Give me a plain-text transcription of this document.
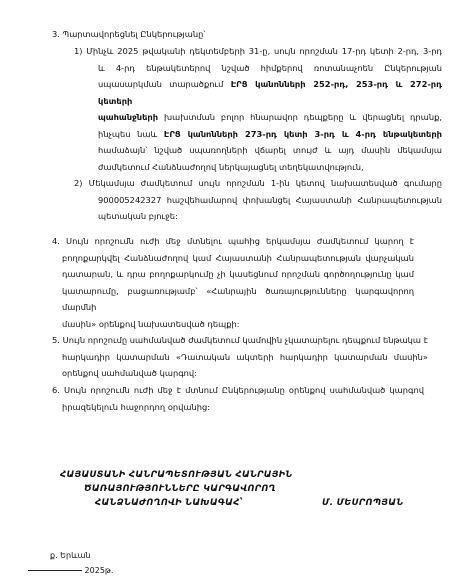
3. Պարտավորեցնել Ընկերությանը՝
1) Մինչև 2025 թվականի դեկտեմբերի 31-ը, սույն որոշման 17-րդ կետի 2-րդ, 3-րդ
և 4-րդ ենթակետերով նշված հիմքերով ռոտանաչոեն Ընկերության
սպասարկման տարածքում ԷՐՑ կանոնների 252-րդ, 253-րդ և 272-րդ կետերի
պահանջների խախտման բոլոր հնարավոր դեպքերը և վերացնել դրանք,
ինչպես նաև ԷՐՑ կանոնների 273-րդ կետի 3-րդ և 4-րդ ենթակետերի
համաձայն՝ նշված սպառողների վճարել տույժ և այդ մասին մեկամսյա
ժամկետում Հանձնաժողով ներկայացնել տեղեկատվություն,
2) Մեկամսյա ժամկետում սույն որոշման 1-ին կետով նախատեսված գումարը
900005242327 հաշվեհամարով փոխանցել Հայաստանի Հանրապետության
պետական բյուջե:
4. Սույն որոշումն ուժի մեջ մտնելու պահից երկամսյա ժամկետում կարող է
բողոքարկվել Հանձնաժողով կամ Հայաստանի Հանրապետության վարչական
դատարան, և դրա բողոքարկումը չի կասեցնում որոշման գործողությունը կամ
կատարումը, բացառությամբ՝ «Հանրային ծառայությունները կարգավորող մարմնի
մասին» օրենքով նախատեսված դեպքի:
5. Սույն որոշումը սահմանված ժամկետում կամովին չկատարելու դեպքում ենթակա է
հարկադիր կատարման «Դատական ակտերի հարկադիր կատարման մասին»
օրենքով սահմանված կարգով:
6. Սույն որոշումն ուժի մեջ է մտնում Ընկերությանը օրենքով սահմանված կարգով
իրազեկելուն հաջորդող օրվանից:
ՀԱՅԱՍՏԱՆԻ ՀԱՆՐԱՊԵՏՈՒԹՅԱՆ ՀԱՆՐԱՅԻՆ
ԾԱՌԱՅՈՒԹՅՈՒՆՆԵՐԸ ԿԱՐԳԱՎՈՐՈՂ
ՀԱՆՁՆԱԺՈՂՈՎԻ ՆԱԽԱԳԱՀ՝	Մ. ՄԵՍՐՈՊՅԱՆ
ք. Երևան
2025թ.
